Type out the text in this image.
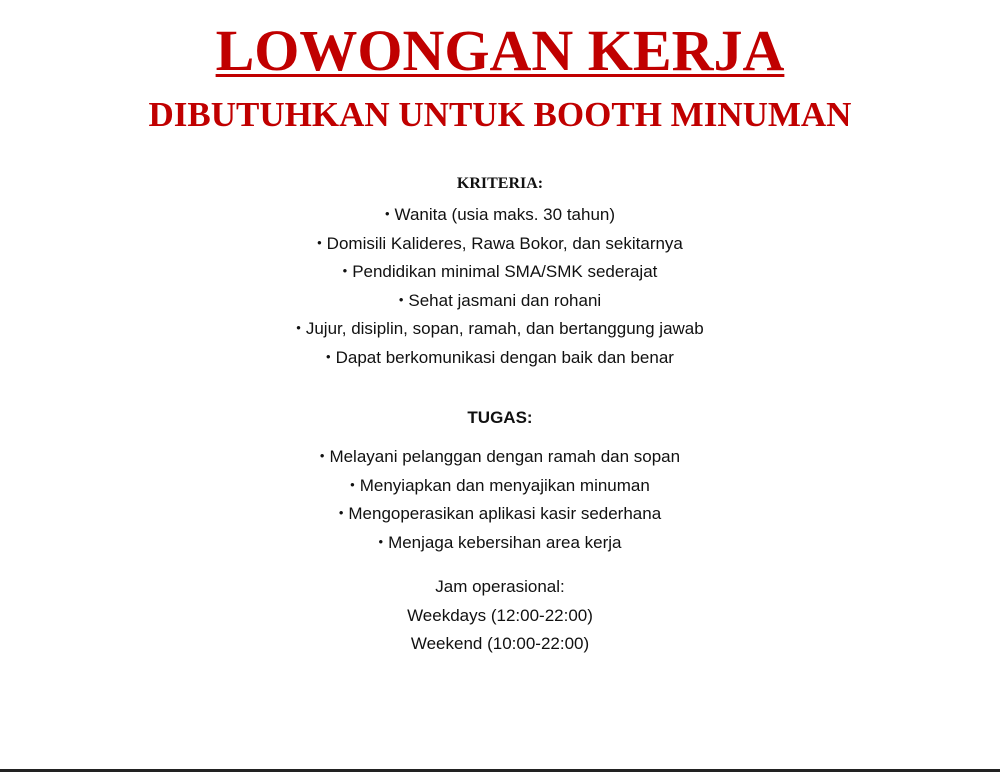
LOWONGAN KERJA
DIBUTUHKAN UNTUK BOOTH MINUMAN
KRITERIA:
• Wanita (usia maks. 30 tahun)
• Domisili Kalideres, Rawa Bokor, dan sekitarnya
• Pendidikan minimal SMA/SMK sederajat
• Sehat jasmani dan rohani
• Jujur, disiplin, sopan, ramah, dan bertanggung jawab
• Dapat berkomunikasi dengan baik dan benar
TUGAS:
• Melayani pelanggan dengan ramah dan sopan
• Menyiapkan dan menyajikan minuman
• Mengoperasikan aplikasi kasir sederhana
• Menjaga kebersihan area kerja
Jam operasional:
Weekdays (12:00-22:00)
Weekend (10:00-22:00)
